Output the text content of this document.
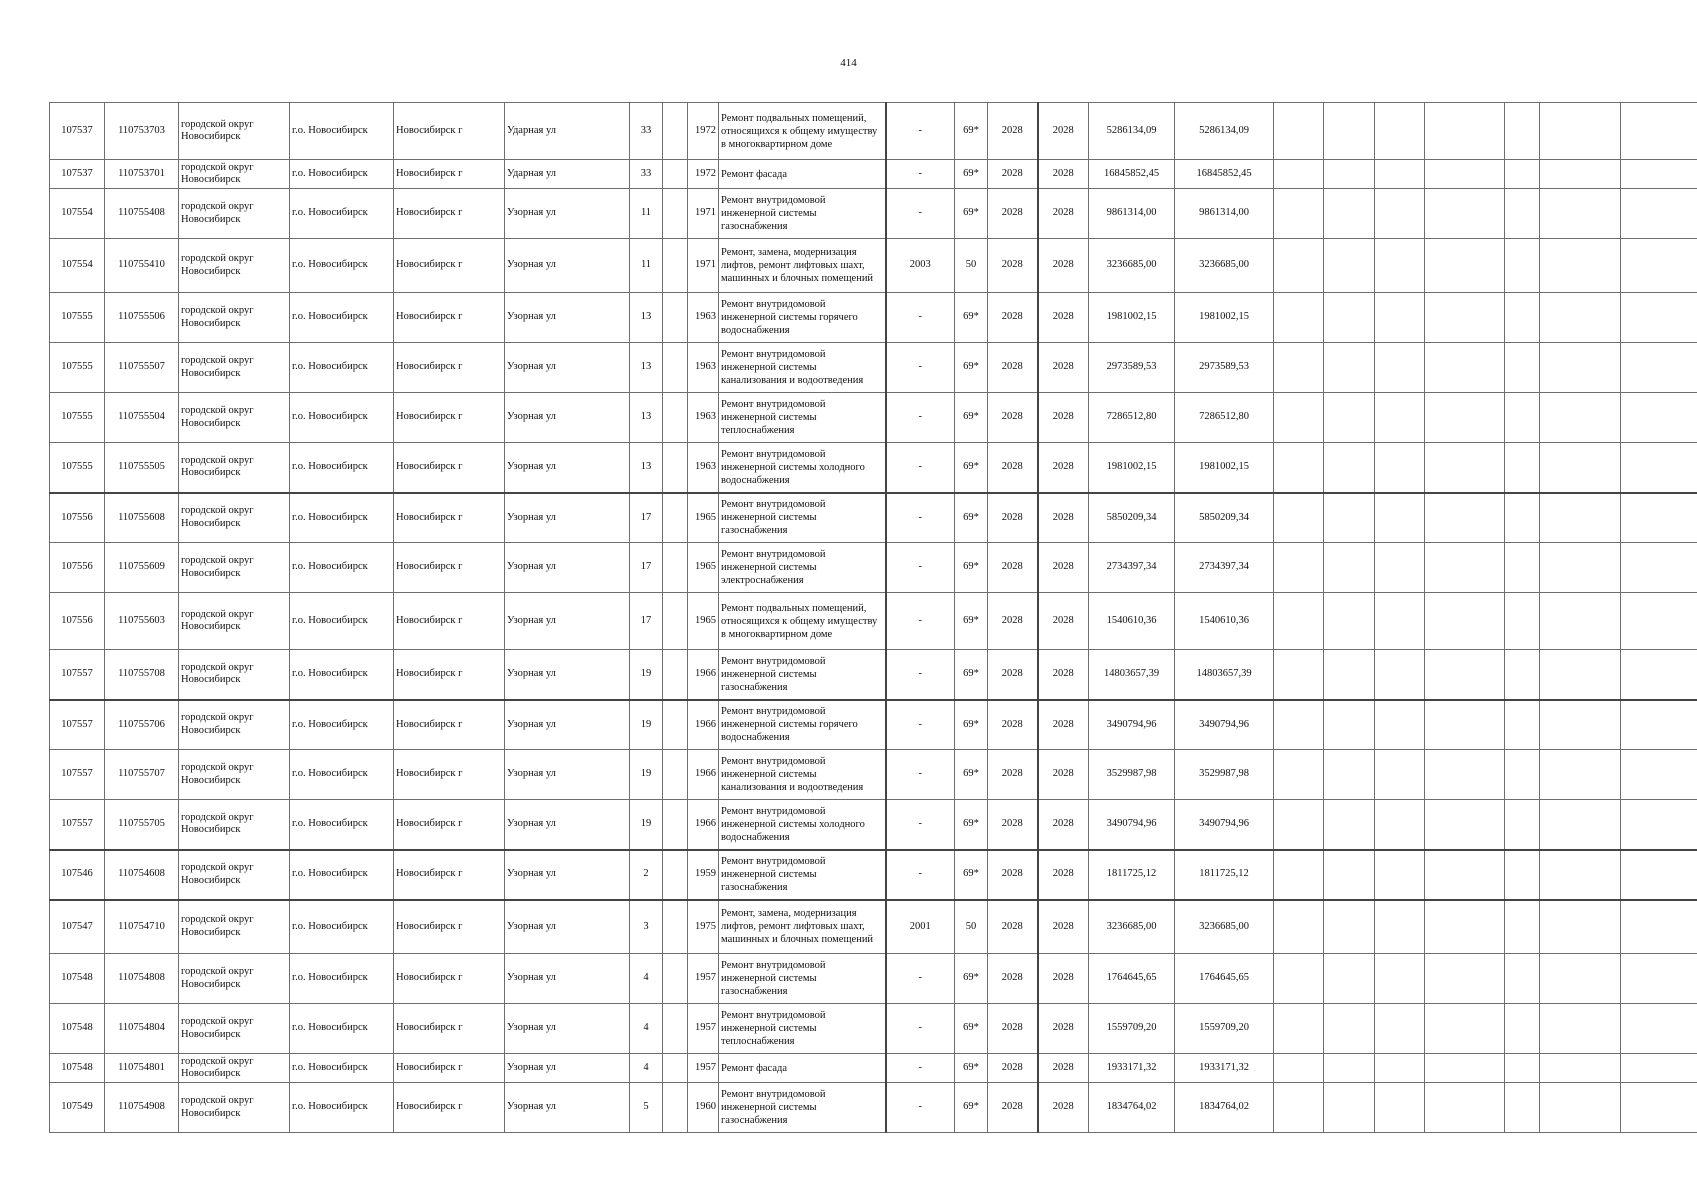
414
107537	110753703	городской округ Новосибирск	г.о. Новосибирск	Новосибирск г	Ударная ул	33		1972	Ремонт подвальных помещений, относящихся к общему имуществу в многоквартирном доме	-	69*	2028	2028	5286134,09	5286134,09							
107537	110753701	городской округ Новосибирск	г.о. Новосибирск	Новосибирск г	Ударная ул	33		1972	Ремонт фасада	-	69*	2028	2028	16845852,45	16845852,45							
107554	110755408	городской округ Новосибирск	г.о. Новосибирск	Новосибирск г	Узорная ул	11		1971	Ремонт внутридомовой инженерной системы газоснабжения	-	69*	2028	2028	9861314,00	9861314,00							
107554	110755410	городской округ Новосибирск	г.о. Новосибирск	Новосибирск г	Узорная ул	11		1971	Ремонт, замена, модернизация лифтов, ремонт лифтовых шахт, машинных и блочных помещений	2003	50	2028	2028	3236685,00	3236685,00							
107555	110755506	городской округ Новосибирск	г.о. Новосибирск	Новосибирск г	Узорная ул	13		1963	Ремонт внутридомовой инженерной системы горячего водоснабжения	-	69*	2028	2028	1981002,15	1981002,15							
107555	110755507	городской округ Новосибирск	г.о. Новосибирск	Новосибирск г	Узорная ул	13		1963	Ремонт внутридомовой инженерной системы канализования и водоотведения	-	69*	2028	2028	2973589,53	2973589,53							
107555	110755504	городской округ Новосибирск	г.о. Новосибирск	Новосибирск г	Узорная ул	13		1963	Ремонт внутридомовой инженерной системы теплоснабжения	-	69*	2028	2028	7286512,80	7286512,80							
107555	110755505	городской округ Новосибирск	г.о. Новосибирск	Новосибирск г	Узорная ул	13		1963	Ремонт внутридомовой инженерной системы холодного водоснабжения	-	69*	2028	2028	1981002,15	1981002,15							
107556	110755608	городской округ Новосибирск	г.о. Новосибирск	Новосибирск г	Узорная ул	17		1965	Ремонт внутридомовой инженерной системы газоснабжения	-	69*	2028	2028	5850209,34	5850209,34							
107556	110755609	городской округ Новосибирск	г.о. Новосибирск	Новосибирск г	Узорная ул	17		1965	Ремонт внутридомовой инженерной системы электроснабжения	-	69*	2028	2028	2734397,34	2734397,34							
107556	110755603	городской округ Новосибирск	г.о. Новосибирск	Новосибирск г	Узорная ул	17		1965	Ремонт подвальных помещений, относящихся к общему имуществу в многоквартирном доме	-	69*	2028	2028	1540610,36	1540610,36							
107557	110755708	городской округ Новосибирск	г.о. Новосибирск	Новосибирск г	Узорная ул	19		1966	Ремонт внутридомовой инженерной системы газоснабжения	-	69*	2028	2028	14803657,39	14803657,39							
107557	110755706	городской округ Новосибирск	г.о. Новосибирск	Новосибирск г	Узорная ул	19		1966	Ремонт внутридомовой инженерной системы горячего водоснабжения	-	69*	2028	2028	3490794,96	3490794,96							
107557	110755707	городской округ Новосибирск	г.о. Новосибирск	Новосибирск г	Узорная ул	19		1966	Ремонт внутридомовой инженерной системы канализования и водоотведения	-	69*	2028	2028	3529987,98	3529987,98							
107557	110755705	городской округ Новосибирск	г.о. Новосибирск	Новосибирск г	Узорная ул	19		1966	Ремонт внутридомовой инженерной системы холодного водоснабжения	-	69*	2028	2028	3490794,96	3490794,96							
107546	110754608	городской округ Новосибирск	г.о. Новосибирск	Новосибирск г	Узорная ул	2		1959	Ремонт внутридомовой инженерной системы газоснабжения	-	69*	2028	2028	1811725,12	1811725,12							
107547	110754710	городской округ Новосибирск	г.о. Новосибирск	Новосибирск г	Узорная ул	3		1975	Ремонт, замена, модернизация лифтов, ремонт лифтовых шахт, машинных и блочных помещений	2001	50	2028	2028	3236685,00	3236685,00							
107548	110754808	городской округ Новосибирск	г.о. Новосибирск	Новосибирск г	Узорная ул	4		1957	Ремонт внутридомовой инженерной системы газоснабжения	-	69*	2028	2028	1764645,65	1764645,65							
107548	110754804	городской округ Новосибирск	г.о. Новосибирск	Новосибирск г	Узорная ул	4		1957	Ремонт внутридомовой инженерной системы теплоснабжения	-	69*	2028	2028	1559709,20	1559709,20							
107548	110754801	городской округ Новосибирск	г.о. Новосибирск	Новосибирск г	Узорная ул	4		1957	Ремонт фасада	-	69*	2028	2028	1933171,32	1933171,32							
107549	110754908	городской округ Новосибирск	г.о. Новосибирск	Новосибирск г	Узорная ул	5		1960	Ремонт внутридомовой инженерной системы газоснабжения	-	69*	2028	2028	1834764,02	1834764,02							
